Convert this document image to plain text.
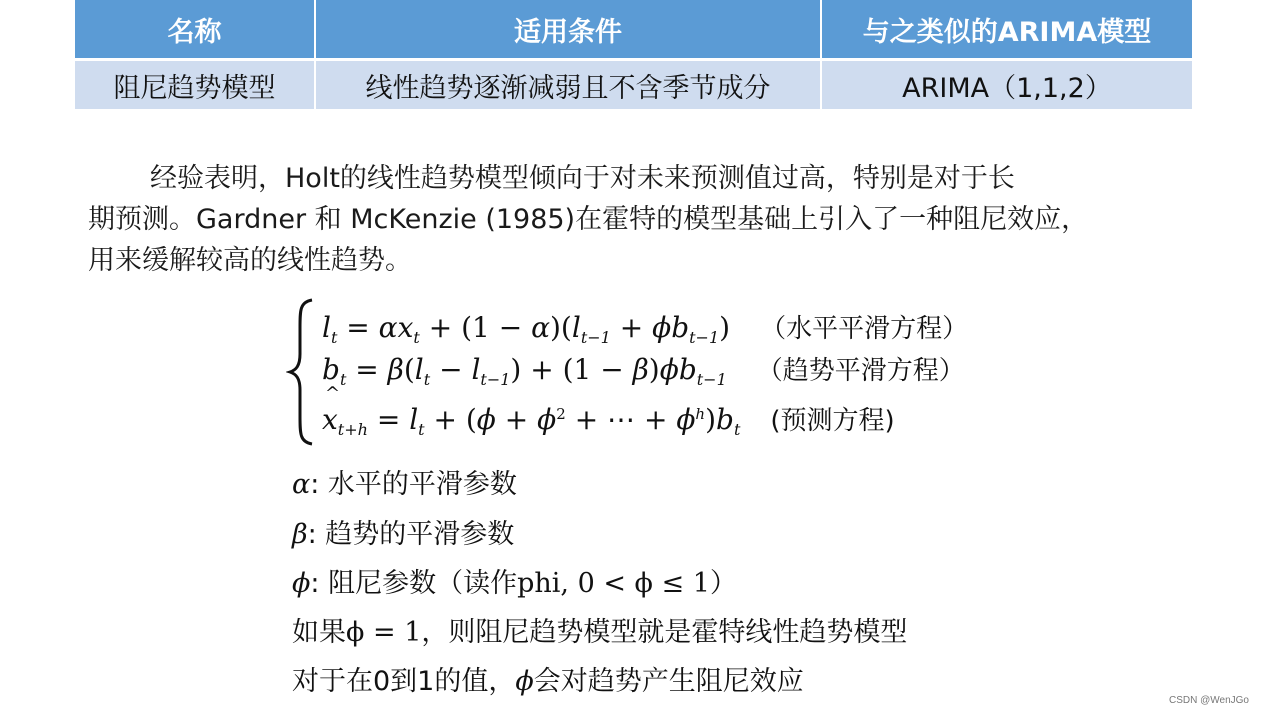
名称	适用条件	与之类似的ARIMA模型
阻尼趋势模型	线性趋势逐渐减弱且不含季节成分	ARIMA（1,1,2）
经验表明，Holt的线性趋势模型倾向于对未来预测值过高，特别是对于长
期预测。Gardner 和 McKenzie (1985)在霍特的模型基础上引入了一种阻尼效应，
用来缓解较高的线性趋势。
$l_t = \alpha x_t + (1 - \alpha)(l_{t-1} + \phi b_{t-1})$ （水平平滑方程）
$b_t = \beta(l_t - l_{t-1}) + (1 - \beta)\phi b_{t-1}$ （趋势平滑方程）
^ $x_{t+h} = l_t + (\phi + \phi^2$ + ⋯ + $\phi^h)b_t$ (预测方程)
α: 水平的平滑参数
β: 趋势的平滑参数
ϕ: 阻尼参数（读作phi, 0 < ϕ ≤ 1）
如果ϕ = 1，则阻尼趋势模型就是霍特线性趋势模型
对于在0到1的值，ϕ会对趋势产生阻尼效应
CSDN @WenJGo
